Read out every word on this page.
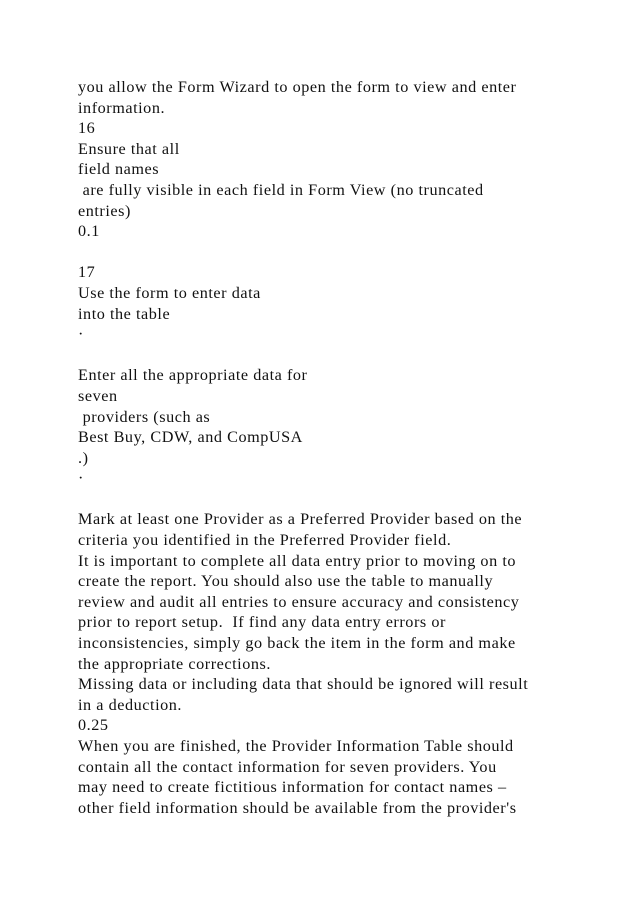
you allow the Form Wizard to open the form to view and enter
information.
16
Ensure that all
field names
are fully visible in each field in Form View (no truncated
entries)
0.1
17
Use the form to enter data
into the table
·
Enter all the appropriate data for
seven
providers (such as
Best Buy, CDW, and CompUSA
.)
·
Mark at least one Provider as a Preferred Provider based on the
criteria you identified in the Preferred Provider field.
It is important to complete all data entry prior to moving on to
create the report. You should also use the table to manually
review and audit all entries to ensure accuracy and consistency
prior to report setup.  If find any data entry errors or
inconsistencies, simply go back the item in the form and make
the appropriate corrections.
Missing data or including data that should be ignored will result
in a deduction.
0.25
When you are finished, the Provider Information Table should
contain all the contact information for seven providers. You
may need to create fictitious information for contact names –
other field information should be available from the provider's
